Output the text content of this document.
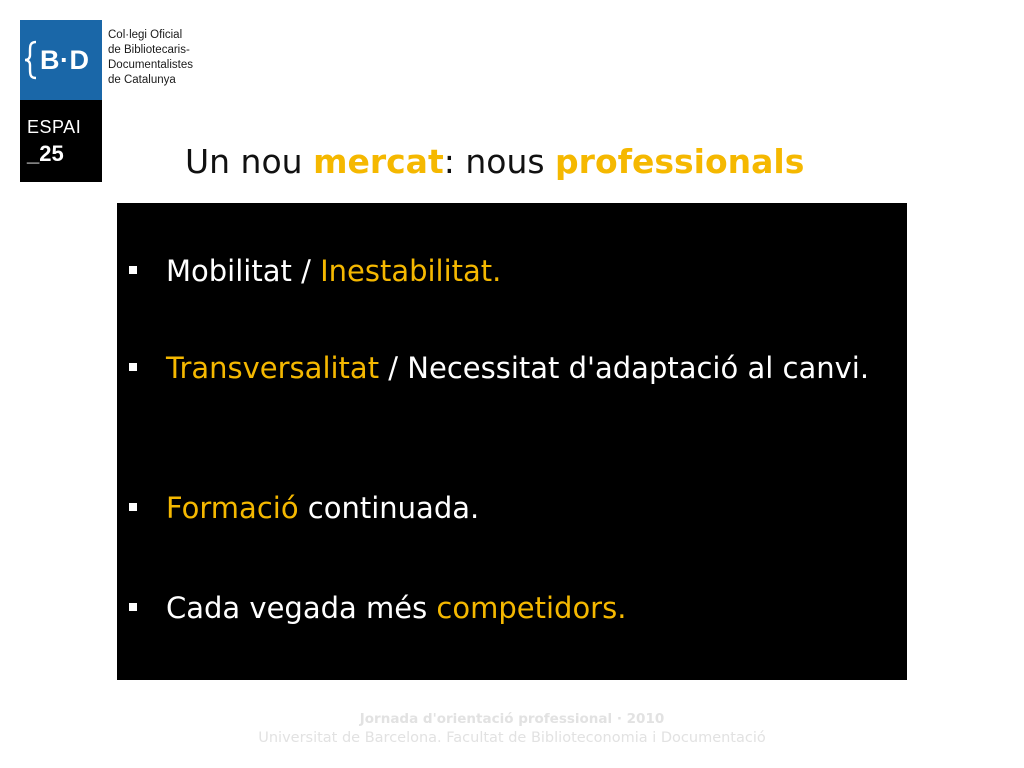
B·D
Col·legi Oficial
de Bibliotecaris-
Documentalistes
de Catalunya
ESPAI
_25	Un nou mercat: nous professionals
Mobilitat / Inestabilitat.
Transversalitat / Necessitat d'adaptació al canvi.
Formació continuada.
Cada vegada més competidors.
Jornada d'orientació professional · 2010
Universitat de Barcelona. Facultat de Biblioteconomia i Documentació
